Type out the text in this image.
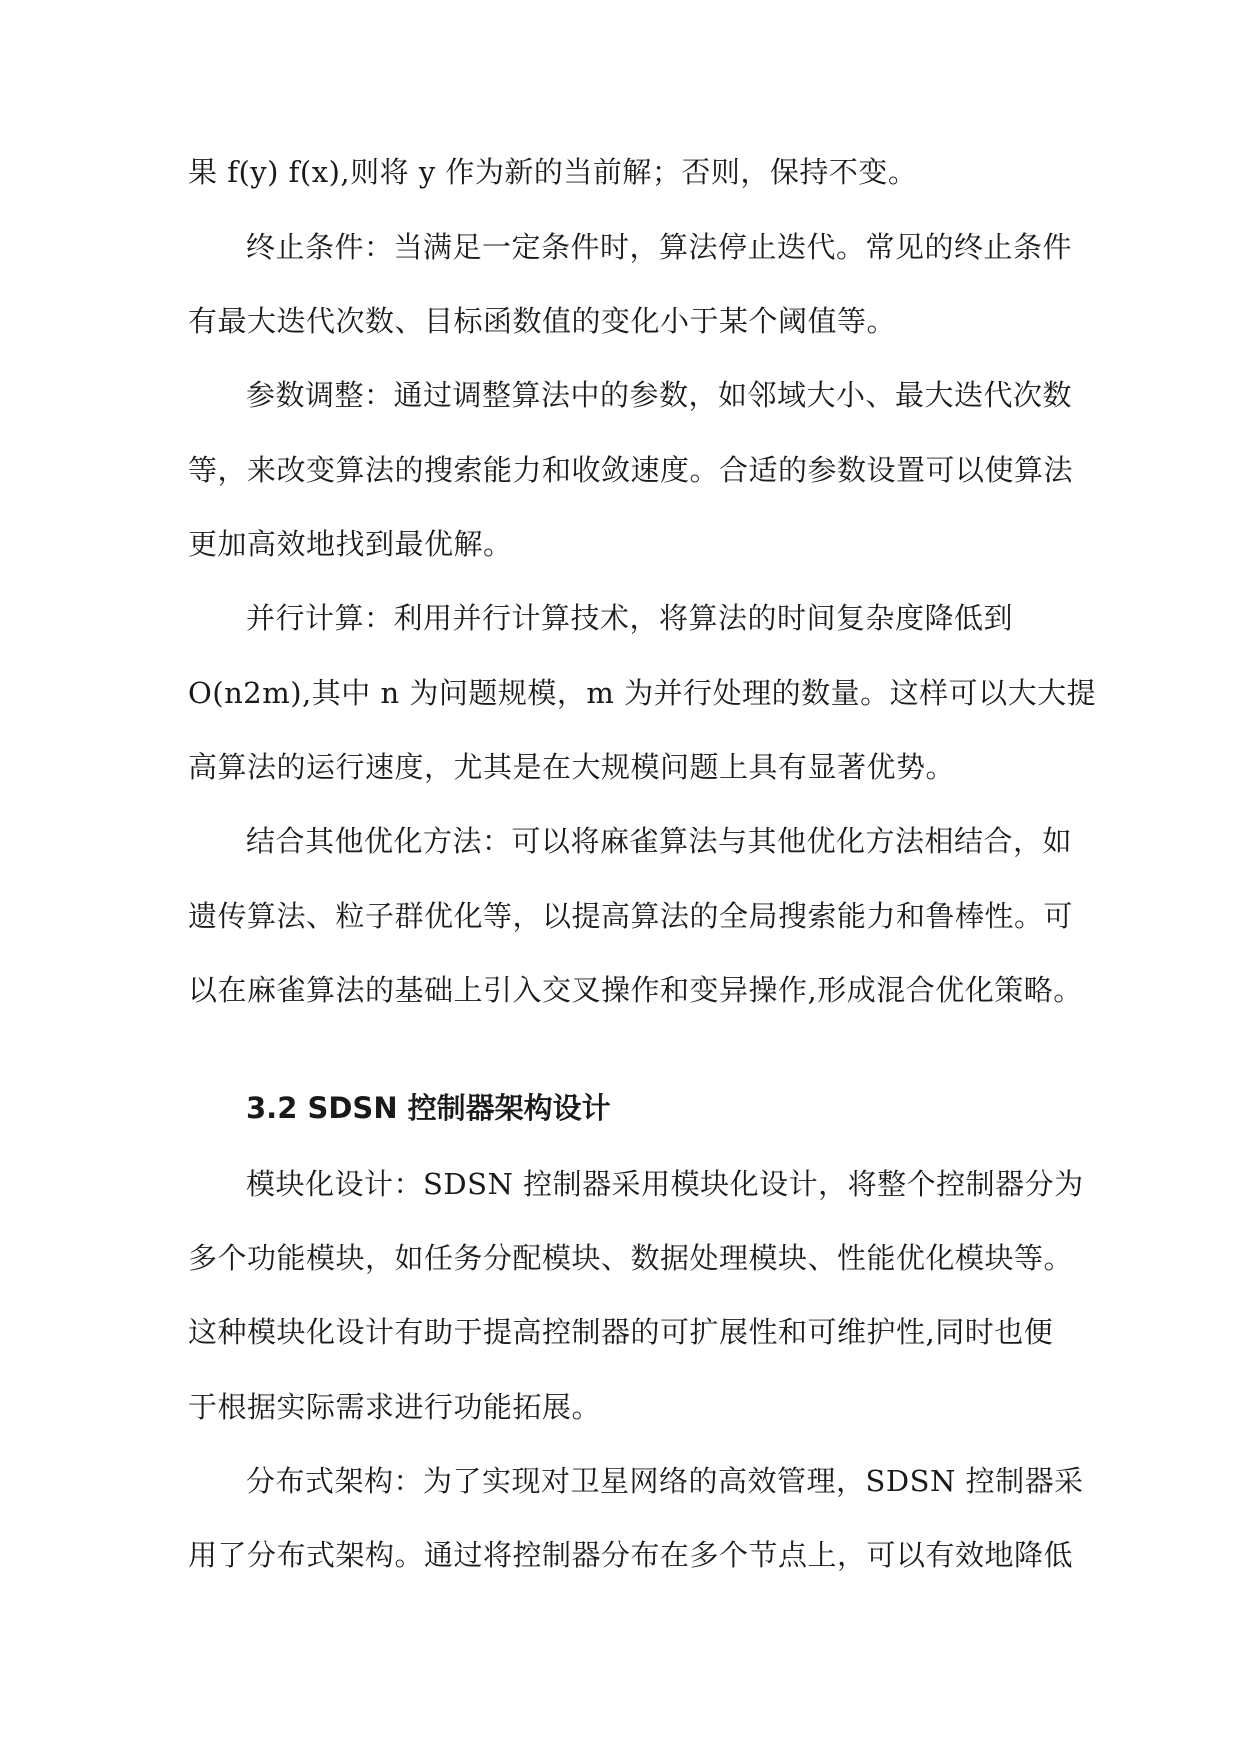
果 f(y) f(x),则将 y 作为新的当前解；否则，保持不变。
终止条件：当满足一定条件时，算法停止迭代。常见的终止条件
有最大迭代次数、目标函数值的变化小于某个阈值等。
参数调整：通过调整算法中的参数，如邻域大小、最大迭代次数
等，来改变算法的搜索能力和收敛速度。合适的参数设置可以使算法
更加高效地找到最优解。
并行计算：利用并行计算技术，将算法的时间复杂度降低到
O(n2m),其中 n 为问题规模，m 为并行处理的数量。这样可以大大提
高算法的运行速度，尤其是在大规模问题上具有显著优势。
结合其他优化方法：可以将麻雀算法与其他优化方法相结合，如
遗传算法、粒子群优化等，以提高算法的全局搜索能力和鲁棒性。可
以在麻雀算法的基础上引入交叉操作和变异操作,形成混合优化策略。
3.2 SDSN 控制器架构设计
模块化设计：SDSN 控制器采用模块化设计，将整个控制器分为
多个功能模块，如任务分配模块、数据处理模块、性能优化模块等。
这种模块化设计有助于提高控制器的可扩展性和可维护性,同时也便
于根据实际需求进行功能拓展。
分布式架构：为了实现对卫星网络的高效管理，SDSN 控制器采
用了分布式架构。通过将控制器分布在多个节点上，可以有效地降低
